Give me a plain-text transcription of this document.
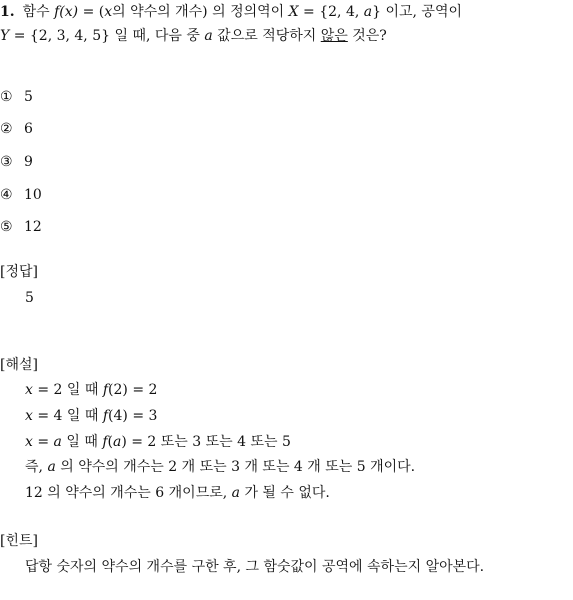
1. 함수 f(x) = (x의 약수의 개수) 의 정의역이 X = {2, 4, a} 이고, 공역이
Y = {2, 3, 4, 5} 일 때, 다음 중 a 값으로 적당하지 않은 것은?
① 5
② 6
③ 9
④ 10
⑤ 12
[정답]
5
[해설]
x = 2 일 때 f(2) = 2
x = 4 일 때 f(4) = 3
x = a 일 때 f(a) = 2 또는 3 또는 4 또는 5
즉, a 의 약수의 개수는 2 개 또는 3 개 또는 4 개 또는 5 개이다.
12 의 약수의 개수는 6 개이므로, a 가 될 수 없다.
[힌트]
답항 숫자의 약수의 개수를 구한 후, 그 함숫값이 공역에 속하는지 알아본다.
